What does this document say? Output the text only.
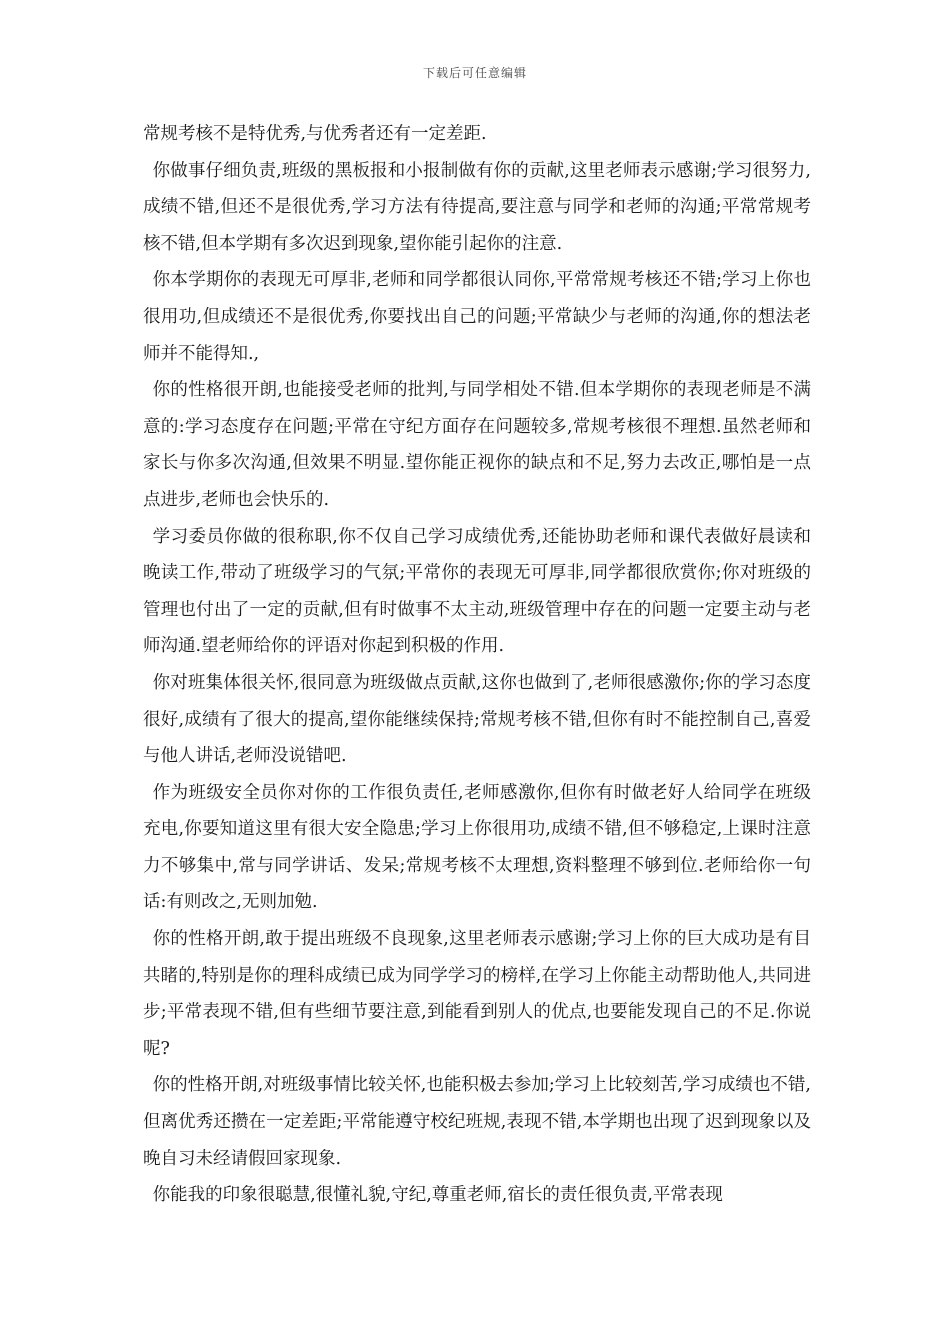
下载后可任意编辑

常规考核不是特优秀,与优秀者还有一定差距.

你做事仔细负责,班级的黑板报和小报制做有你的贡献,这里老师表示感谢;学习很努力,成绩不错,但还不是很优秀,学习方法有待提高,要注意与同学和老师的沟通;平常常规考核不错,但本学期有多次迟到现象,望你能引起你的注意.

你本学期你的表现无可厚非,老师和同学都很认同你,平常常规考核还不错;学习上你也很用功,但成绩还不是很优秀,你要找出自己的问题;平常缺少与老师的沟通,你的想法老师并不能得知.,

你的性格很开朗,也能接受老师的批判,与同学相处不错.但本学期你的表现老师是不满意的:学习态度存在问题;平常在守纪方面存在问题较多,常规考核很不理想.虽然老师和家长与你多次沟通,但效果不明显.望你能正视你的缺点和不足,努力去改正,哪怕是一点点进步,老师也会快乐的.

学习委员你做的很称职,你不仅自己学习成绩优秀,还能协助老师和课代表做好晨读和晚读工作,带动了班级学习的气氛;平常你的表现无可厚非,同学都很欣赏你;你对班级的管理也付出了一定的贡献,但有时做事不太主动,班级管理中存在的问题一定要主动与老师沟通.望老师给你的评语对你起到积极的作用.

你对班集体很关怀,很同意为班级做点贡献,这你也做到了,老师很感激你;你的学习态度很好,成绩有了很大的提高,望你能继续保持;常规考核不错,但你有时不能控制自己,喜爱与他人讲话,老师没说错吧.

作为班级安全员你对你的工作很负责任,老师感激你,但你有时做老好人给同学在班级充电,你要知道这里有很大安全隐患;学习上你很用功,成绩不错,但不够稳定,上课时注意力不够集中,常与同学讲话、发呆;常规考核不太理想,资料整理不够到位.老师给你一句话:有则改之,无则加勉.

你的性格开朗,敢于提出班级不良现象,这里老师表示感谢;学习上你的巨大成功是有目共睹的,特别是你的理科成绩已成为同学学习的榜样,在学习上你能主动帮助他人,共同进步;平常表现不错,但有些细节要注意,到能看到别人的优点,也要能发现自己的不足.你说呢?

你的性格开朗,对班级事情比较关怀,也能积极去参加;学习上比较刻苦,学习成绩也不错,但离优秀还攒在一定差距;平常能遵守校纪班规,表现不错,本学期也出现了迟到现象以及晚自习未经请假回家现象.

你能我的印象很聪慧,很懂礼貌,守纪,尊重老师,宿长的责任很负责,平常表现
